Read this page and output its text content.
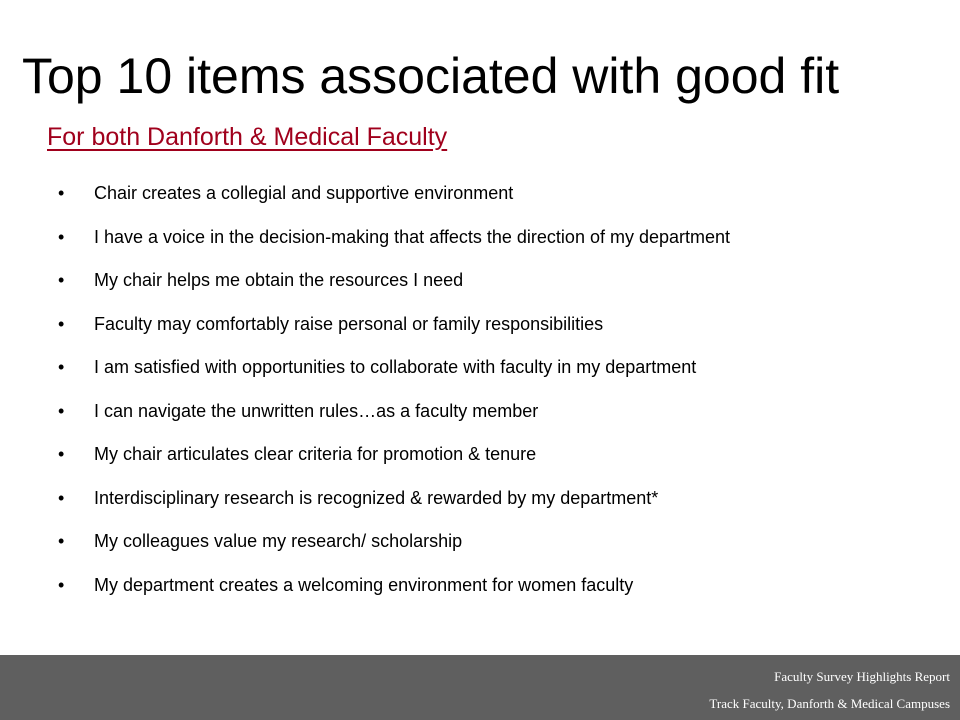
Top 10 items associated with good fit
For both Danforth & Medical Faculty
•	Chair creates a collegial and supportive environment
•	I have a voice in the decision-making that affects the direction of my department
•	My chair helps me obtain the resources I need
•	Faculty may comfortably raise personal or family responsibilities
•	I am satisfied with opportunities to collaborate with faculty in my department
•	I can navigate the unwritten rules…as a faculty member
•	My chair articulates clear criteria for promotion & tenure
•	Interdisciplinary research is recognized & rewarded by my department*
•	My colleagues value my research/ scholarship
•	My department creates a welcoming environment for women faculty
Faculty Survey Highlights Report
Track Faculty, Danforth & Medical Campuses
